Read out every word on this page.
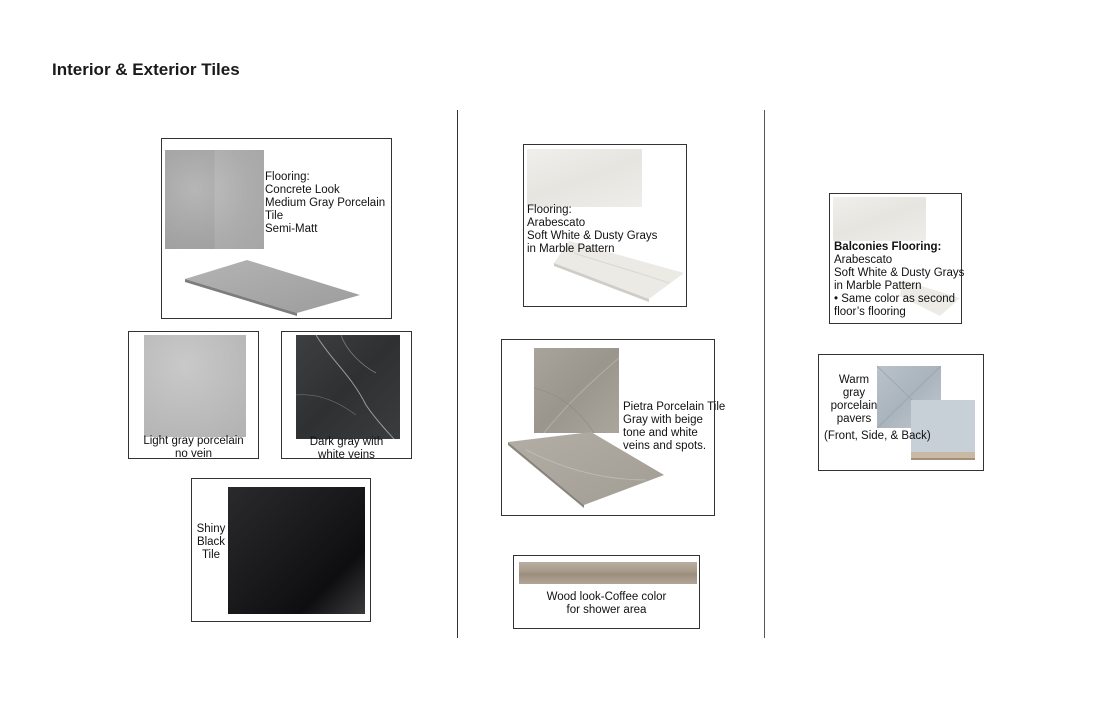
Interior & Exterior Tiles
Flooring:
Concrete Look
Medium Gray Porcelain
Tile
Semi-Matt
Light gray porcelain
no vein
Dark gray with
white veins
Shiny
Black
Tile
Flooring:
Arabescato
Soft White & Dusty Grays
in Marble Pattern
Pietra Porcelain Tile
Gray with beige
tone and white
veins and spots.
Wood look-Coffee color
for shower area
Balconies Flooring:
Arabescato
Soft White & Dusty Grays
in Marble Pattern
• Same color as second
floor’s flooring
Warm
gray
porcelain
pavers
(Front, Side, & Back)
